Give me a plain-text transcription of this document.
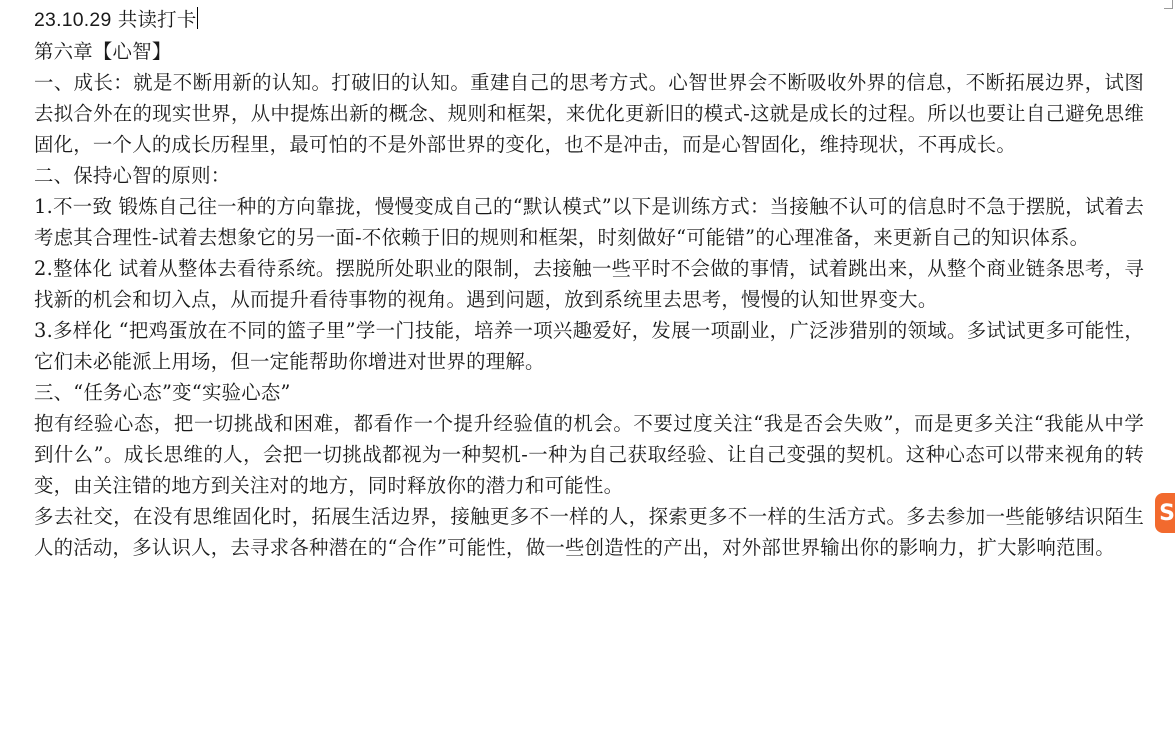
23.10.29 共读打卡

第六章【心智】

一、成长：就是不断用新的认知。打破旧的认知。重建自己的思考方式。心智世界会不断吸收外界的信息，不断拓展边界，试图去拟合外在的现实世界，从中提炼出新的概念、规则和框架，来优化更新旧的模式-这就是成长的过程。所以也要让自己避免思维固化，一个人的成长历程里，最可怕的不是外部世界的变化，也不是冲击，而是心智固化，维持现状，不再成长。

二、保持心智的原则：

1.不一致 锻炼自己往一种的方向靠拢，慢慢变成自己的“默认模式”以下是训练方式：当接触不认可的信息时不急于摆脱，试着去考虑其合理性-试着去想象它的另一面-不依赖于旧的规则和框架，时刻做好“可能错”的心理准备，来更新自己的知识体系。

2.整体化 试着从整体去看待系统。摆脱所处职业的限制，去接触一些平时不会做的事情，试着跳出来，从整个商业链条思考，寻找新的机会和切入点，从而提升看待事物的视角。遇到问题，放到系统里去思考，慢慢的认知世界变大。

3.多样化 “把鸡蛋放在不同的篮子里”学一门技能，培养一项兴趣爱好，发展一项副业，广泛涉猎别的领域。多试试更多可能性，它们未必能派上用场，但一定能帮助你增进对世界的理解。

三、“任务心态”变“实验心态”

抱有经验心态，把一切挑战和困难，都看作一个提升经验值的机会。不要过度关注“我是否会失败”，而是更多关注“我能从中学到什么”。成长思维的人，会把一切挑战都视为一种契机-一种为自己获取经验、让自己变强的契机。这种心态可以带来视角的转变，由关注错的地方到关注对的地方，同时释放你的潜力和可能性。

多去社交，在没有思维固化时，拓展生活边界，接触更多不一样的人，探索更多不一样的生活方式。多去参加一些能够结识陌生人的活动，多认识人，去寻求各种潜在的“合作”可能性，做一些创造性的产出，对外部世界输出你的影响力，扩大影响范围。

S
